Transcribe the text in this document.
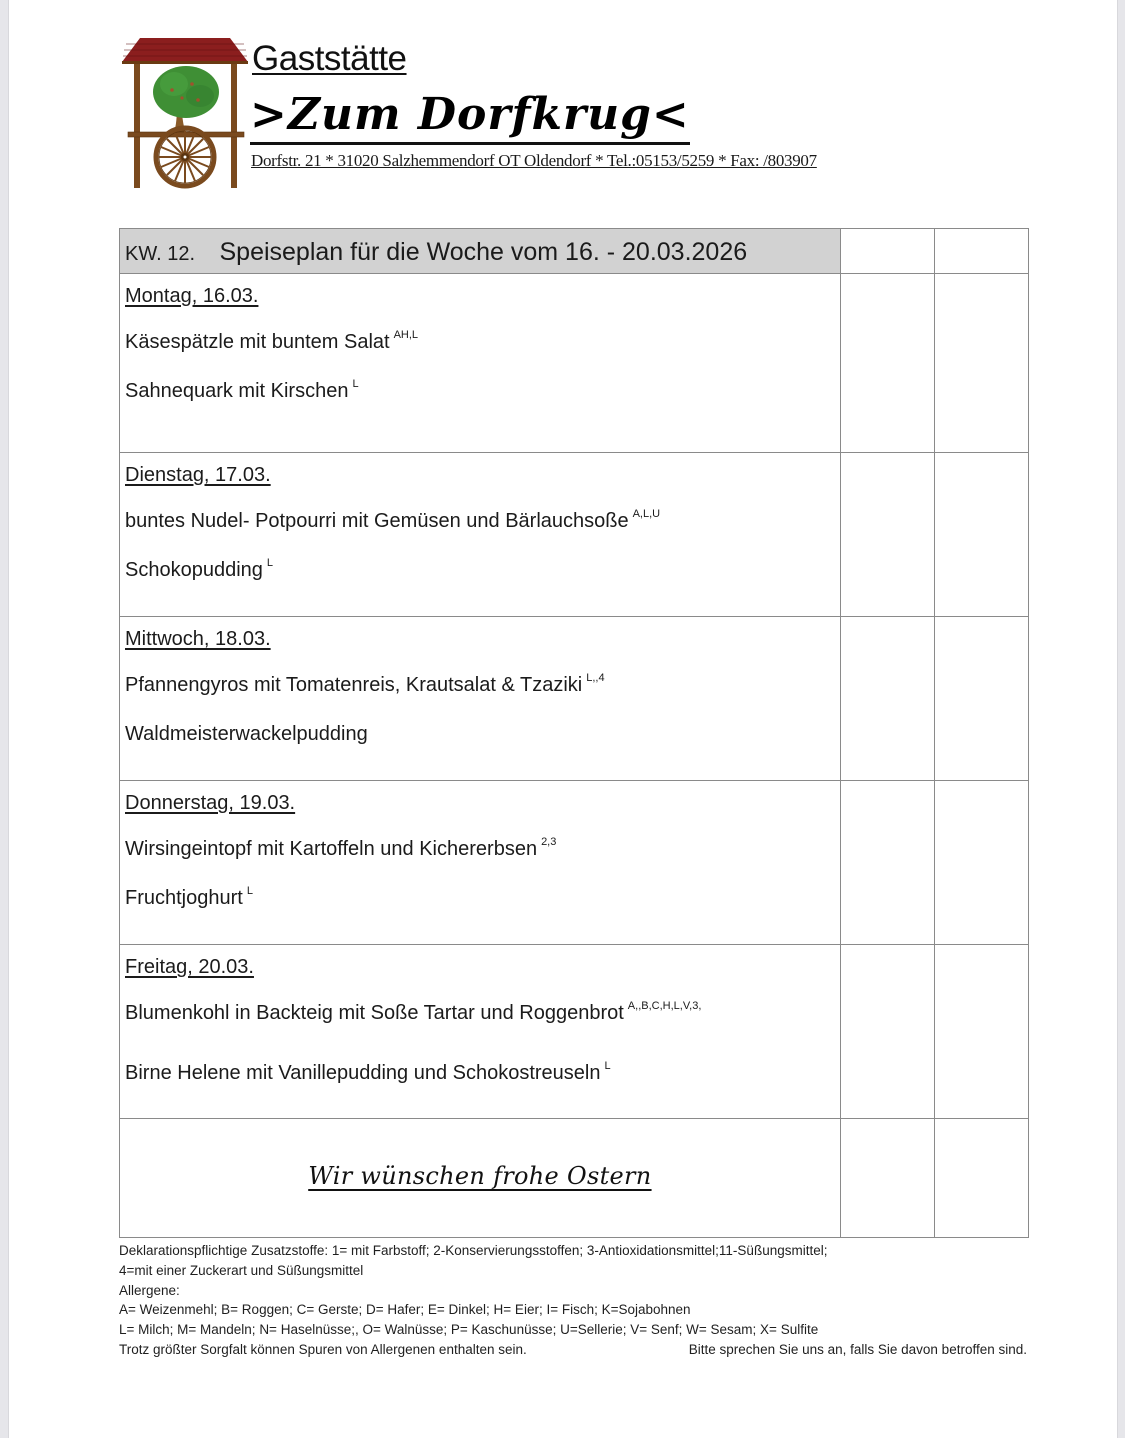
Gaststätte
>Zum Dorfkrug<
Dorfstr. 21 * 31020 Salzhemmendorf OT Oldendorf * Tel.:05153/5259 * Fax: /803907
KW. 12. Speiseplan für die Woche vom 16. - 20.03.2026		

Montag, 16.03.
Käsespätzle mit buntem Salat $^{AH,L}$
Sahnequark mit Kirschen $^L$

Dienstag, 17.03.
buntes Nudel- Potpourri mit Gemüsen und Bärlauchsoße $^{A,L,U}$
Schokopudding $^L$

Mittwoch, 18.03.
Pfannengyros mit Tomatenreis, Krautsalat & Tzaziki $^{L,,4}$
Waldmeisterwackelpudding		

Donnerstag, 19.03.
Wirsingeintopf mit Kartoffeln und Kichererbsen $^{2,3}$
Fruchtjoghurt $^L$

Freitag, 20.03.
Blumenkohl in Backteig mit Soße Tartar und Roggenbrot $^{A,,B,C,H,L,V,3,}$
Birne Helene mit Vanillepudding und Schokostreuseln $^L$

Wir wünschen frohe Ostern		
Deklarationspflichtige Zusatzstoffe: 1= mit Farbstoff; 2-Konservierungsstoffen; 3-Antioxidationsmittel;11-Süßungsmittel;
4=mit einer Zuckerart und Süßungsmittel
Allergene:
A= Weizenmehl; B= Roggen; C= Gerste; D= Hafer; E= Dinkel; H= Eier; I= Fisch; K=Sojabohnen
L= Milch; M= Mandeln; N= Haselnüsse;, O= Walnüsse; P= Kaschunüsse; U=Sellerie; V= Senf; W= Sesam; X= Sulfite
Trotz größter Sorgfalt können Spuren von Allergenen enthalten sein.	Bitte sprechen Sie uns an, falls Sie davon betroffen sind.
